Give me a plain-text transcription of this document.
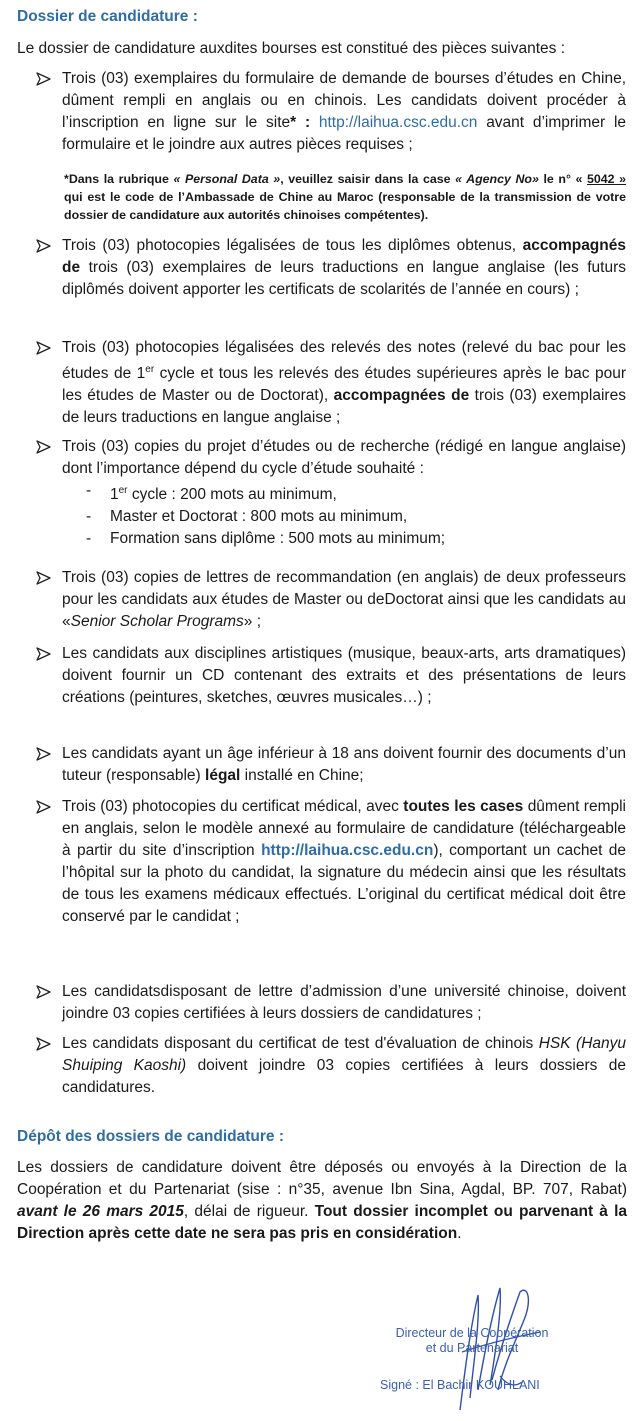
Dossier de candidature :

Le dossier de candidature auxdites bourses est constitué des pièces suivantes :

Trois (03) exemplaires du formulaire de demande de bourses d’études en Chine, dûment rempli en anglais ou en chinois. Les candidats doivent procéder à l’inscription en ligne sur le site* : http://laihua.csc.edu.cn avant d’imprimer le formulaire et le joindre aux autres pièces requises ;

*Dans la rubrique « Personal Data », veuillez saisir dans la case « Agency No» le n° « 5042 » qui est le code de l’Ambassade de Chine au Maroc (responsable de la transmission de votre dossier de candidature aux autorités chinoises compétentes).

Trois (03) photocopies légalisées de tous les diplômes obtenus, accompagnés de trois (03) exemplaires de leurs traductions en langue anglaise (les futurs diplômés doivent apporter les certificats de scolarités de l’année en cours) ;

Trois (03) photocopies légalisées des relevés des notes (relevé du bac pour les études de 1er cycle et tous les relevés des études supérieures après le bac pour les études de Master ou de Doctorat), accompagnées de trois (03) exemplaires de leurs traductions en langue anglaise ;

Trois (03) copies du projet d’études ou de recherche (rédigé en langue anglaise) dont l’importance dépend du cycle d’étude souhaité :

- 1er cycle : 200 mots au minimum,
- Master et Doctorat : 800 mots au minimum,
- Formation sans diplôme : 500 mots au minimum;

Trois (03) copies de lettres de recommandation (en anglais) de deux professeurs pour les candidats aux études de Master ou deDoctorat ainsi que les candidats au «Senior Scholar Programs» ;

Les candidats aux disciplines artistiques (musique, beaux-arts, arts dramatiques) doivent fournir un CD contenant des extraits et des présentations de leurs créations (peintures, sketches, œuvres musicales…) ;

Les candidats ayant un âge inférieur à 18 ans doivent fournir des documents d’un tuteur (responsable) légal installé en Chine;

Trois (03) photocopies du certificat médical, avec toutes les cases dûment rempli en anglais, selon le modèle annexé au formulaire de candidature (téléchargeable à partir du site d’inscription http://laihua.csc.edu.cn), comportant un cachet de l’hôpital sur la photo du candidat, la signature du médecin ainsi que les résultats de tous les examens médicaux effectués. L’original du certificat médical doit être conservé par le candidat ;

Les candidatsdisposant de lettre d’admission d’une université chinoise, doivent joindre 03 copies certifiées à leurs dossiers de candidatures ;

Les candidats disposant du certificat de test d'évaluation de chinois HSK (Hanyu Shuiping Kaoshi) doivent joindre 03 copies certifiées à leurs dossiers de candidatures.

Dépôt des dossiers de candidature :

Les dossiers de candidature doivent être déposés ou envoyés à la Direction de la Coopération et du Partenariat (sise : n°35, avenue Ibn Sina, Agdal, BP. 707, Rabat) avant le 26 mars 2015, délai de rigueur. Tout dossier incomplet ou parvenant à la Direction après cette date ne sera pas pris en considération.

Directeur de la Coopération
et du Partenariat
Signé : El Bachir KOUHLANI
